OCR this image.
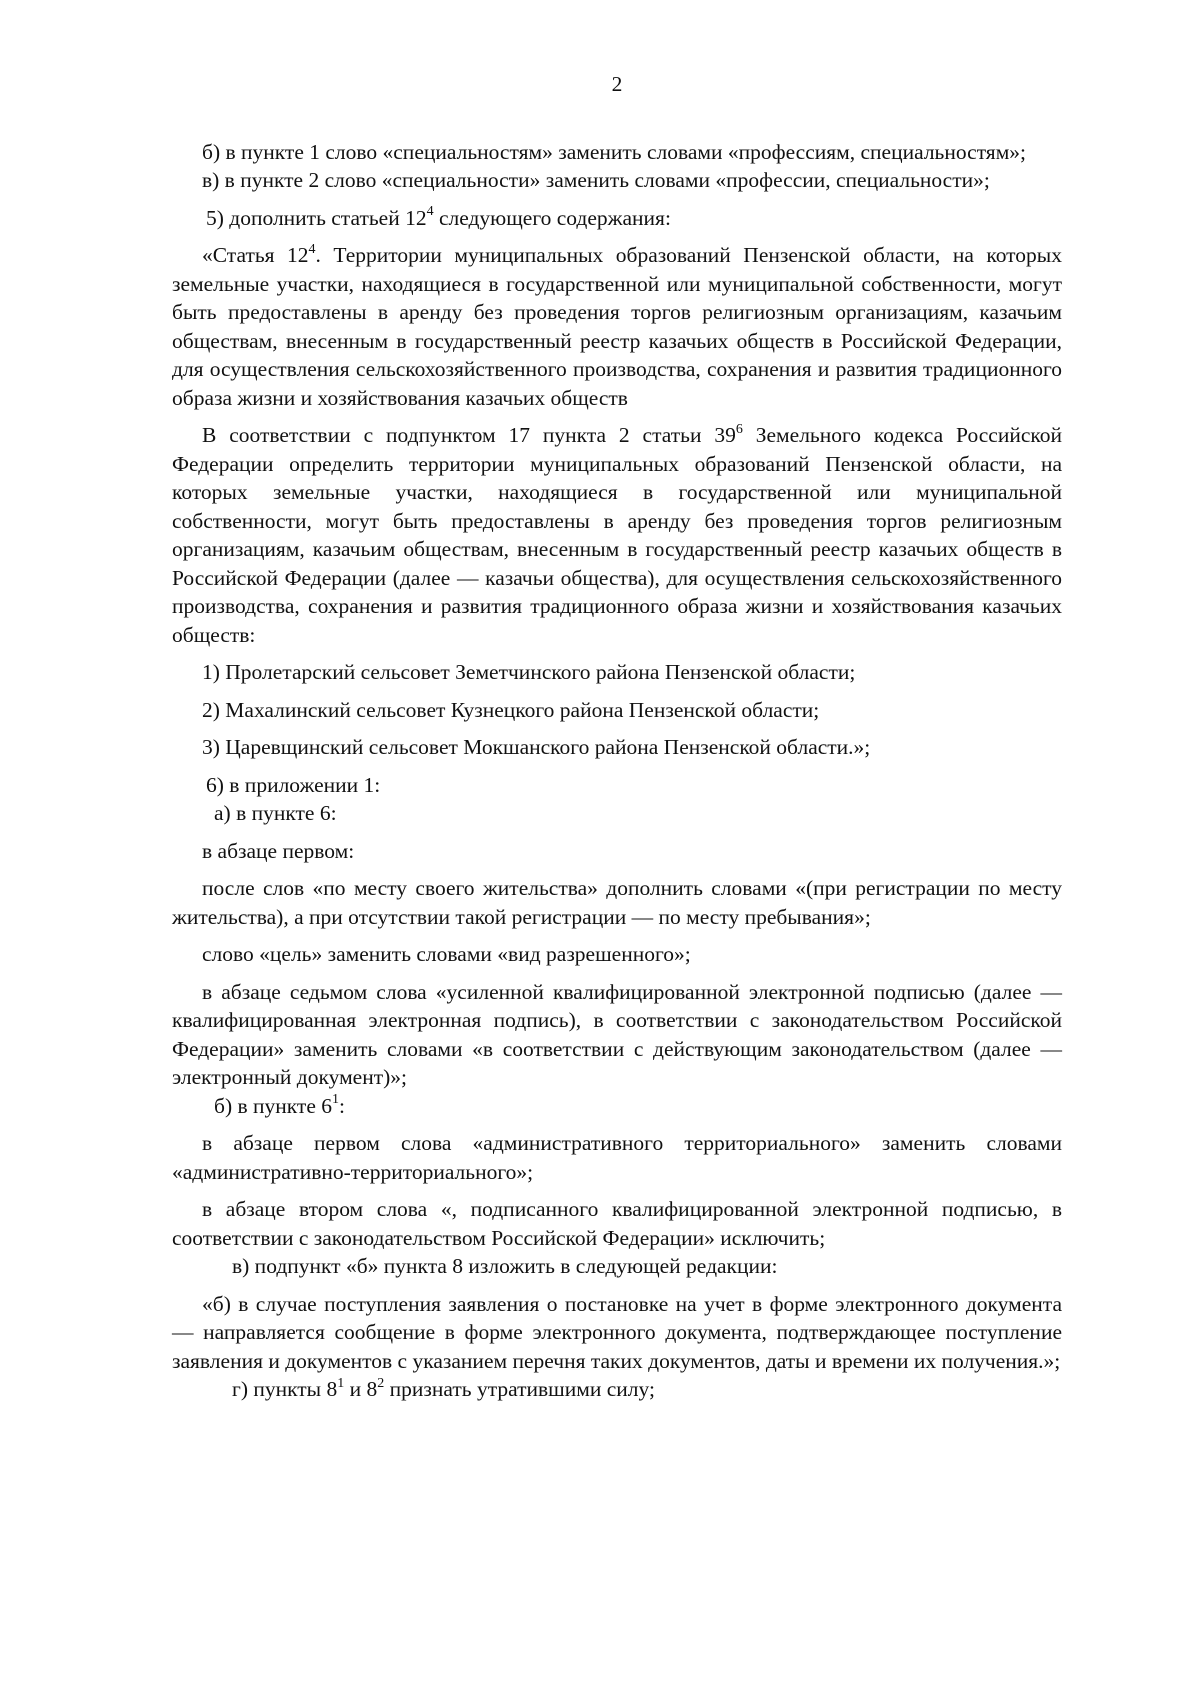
2

б) в пункте 1 слово «специальностям» заменить словами «профессиям, специальностям»;

в) в пункте 2 слово «специальности» заменить словами «профессии, специальности»;

5) дополнить статьей $12^4$ следующего содержания:

«Статья $12^4$. Территории муниципальных образований Пензенской области, на которых земельные участки, находящиеся в государственной или муниципальной собственности, могут быть предоставлены в аренду без проведения торгов религиозным организациям, казачьим обществам, внесенным в государственный реестр казачьих обществ в Российской Федерации, для осуществления сельскохозяйственного производства, сохранения и развития традиционного образа жизни и хозяйствования казачьих обществ

В соответствии с подпунктом 17 пункта 2 статьи $39^6$ Земельного кодекса Российской Федерации определить территории муниципальных образований Пензенской области, на которых земельные участки, находящиеся в государственной или муниципальной собственности, могут быть предоставлены в аренду без проведения торгов религиозным организациям, казачьим обществам, внесенным в государственный реестр казачьих обществ в Российской Федерации (далее — казачьи общества), для осуществления сельскохозяйственного производства, сохранения и развития традиционного образа жизни и хозяйствования казачьих обществ:

1) Пролетарский сельсовет Земетчинского района Пензенской области;

2) Махалинский сельсовет Кузнецкого района Пензенской области;

3) Царевщинский сельсовет Мокшанского района Пензенской области.»;

6) в приложении 1:

а) в пункте 6:

в абзаце первом:

после слов «по месту своего жительства» дополнить словами «(при регистрации по месту жительства), а при отсутствии такой регистрации — по месту пребывания»;

слово «цель» заменить словами «вид разрешенного»;

в абзаце седьмом слова «усиленной квалифицированной электронной подписью (далее — квалифицированная электронная подпись), в соответствии с законодательством Российской Федерации» заменить словами «в соответствии с действующим законодательством (далее — электронный документ)»;

б) в пункте $6^1$:

в абзаце первом слова «административного территориального» заменить словами «административно-территориального»;

в абзаце втором слова «, подписанного квалифицированной электронной подписью, в соответствии с законодательством Российской Федерации» исключить;

в) подпункт «б» пункта 8 изложить в следующей редакции:

«б) в случае поступления заявления о постановке на учет в форме электронного документа — направляется сообщение в форме электронного документа, подтверждающее поступление заявления и документов с указанием перечня таких документов, даты и времени их получения.»;

г) пункты $8^1$ и $8^2$ признать утратившими силу;
